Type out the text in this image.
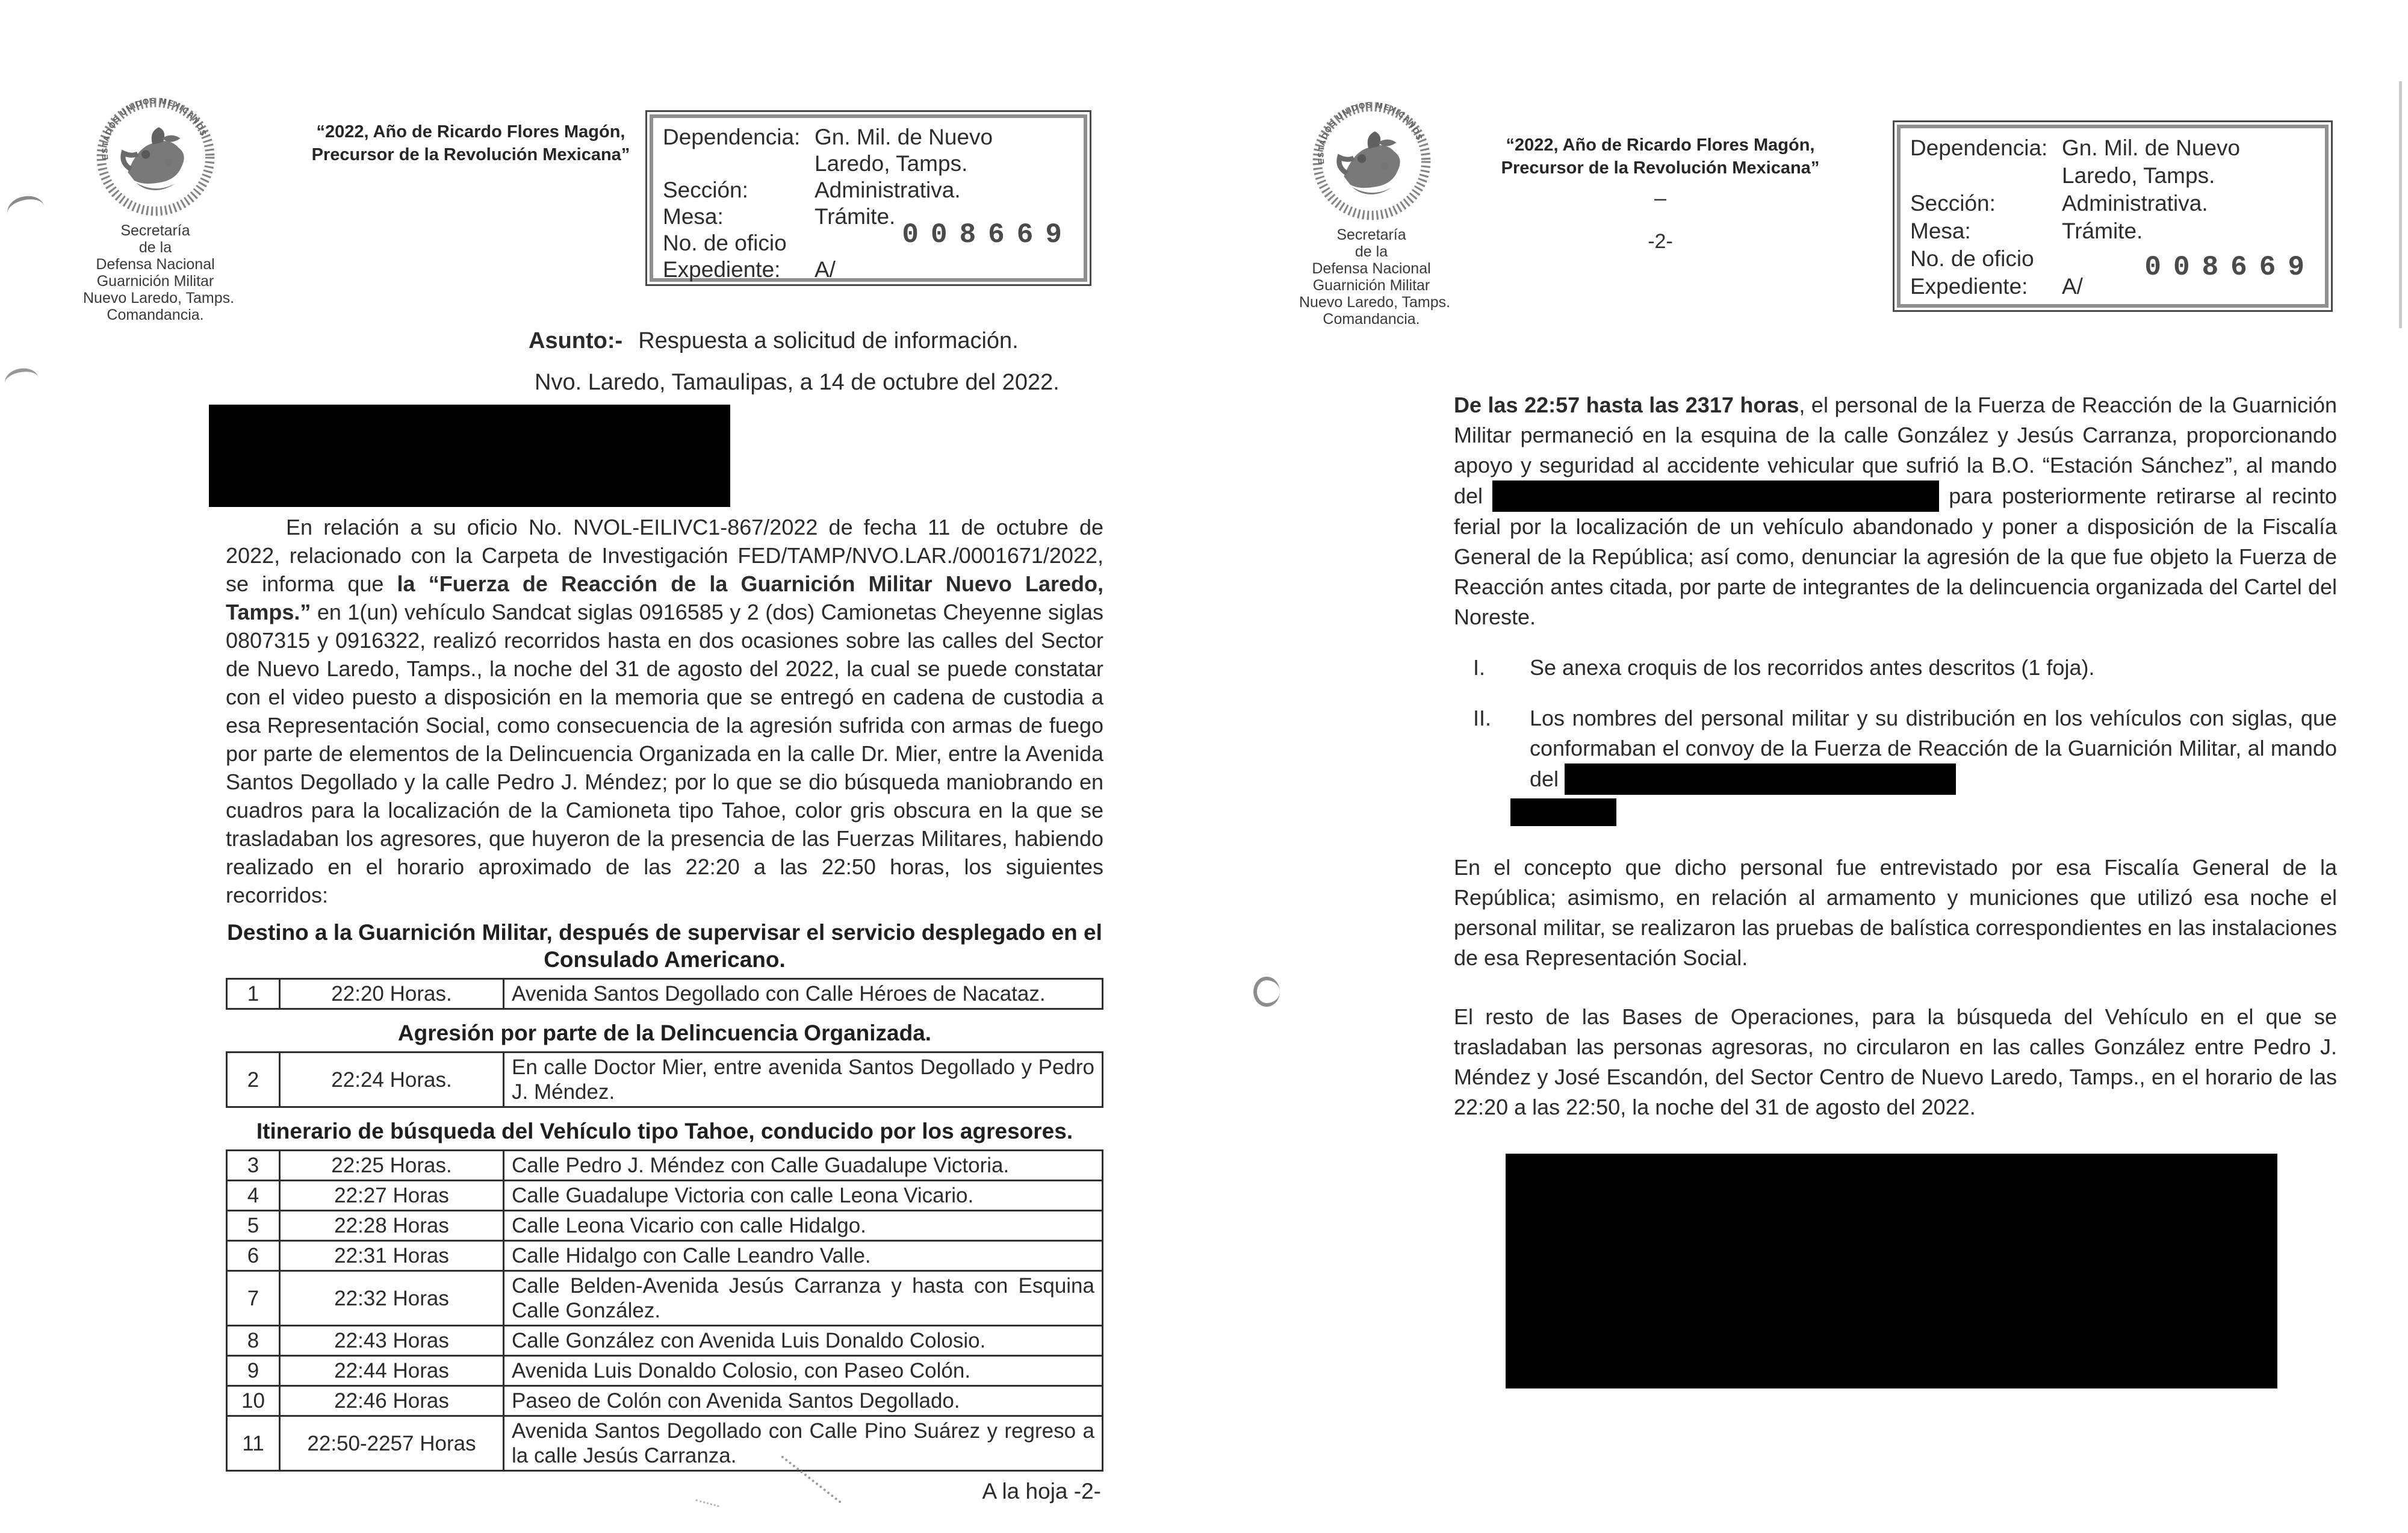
ESTADOS UNIDOS MEXICANOS
Secretaría
de la
Defensa Nacional
Guarnición Militar
Nuevo Laredo, Tamps.
Comandancia.
“2022, Año de Ricardo Flores Magón,
Precursor de la Revolución Mexicana”
Dependencia: Gn. Mil. de Nuevo
Laredo, Tamps.
Sección:	Administrativa.
Mesa:	Trámite.
No. de oficio
Expediente:	A/
008669
Asunto:- Respuesta a solicitud de información.
Nvo. Laredo, Tamaulipas, a 14 de octubre del 2022.

En relación a su oficio No. NVOL-EILIVC1-867/2022 de fecha 11 de octubre de 2022, relacionado con la Carpeta de Investigación FED/TAMP/NVO.LAR./0001671/2022, se informa que la “Fuerza de Reacción de la Guarnición Militar Nuevo Laredo, Tamps.” en 1(un) vehículo Sandcat siglas 0916585 y 2 (dos) Camionetas Cheyenne siglas 0807315 y 0916322, realizó recorridos hasta en dos ocasiones sobre las calles del Sector de Nuevo Laredo, Tamps., la noche del 31 de agosto del 2022, la cual se puede constatar con el video puesto a disposición en la memoria que se entregó en cadena de custodia a esa Representación Social, como consecuencia de la agresión sufrida con armas de fuego por parte de elementos de la Delincuencia Organizada en la calle Dr. Mier, entre la Avenida Santos Degollado y la calle Pedro J. Méndez; por lo que se dio búsqueda maniobrando en cuadros para la localización de la Camioneta tipo Tahoe, color gris obscura en la que se trasladaban los agresores, que huyeron de la presencia de las Fuerzas Militares, habiendo realizado en el horario aproximado de las 22:20 a las 22:50 horas, los siguientes recorridos:

Destino a la Guarnición Militar, después de supervisar el servicio desplegado en el Consulado Americano.
1	22:20 Horas.	Avenida Santos Degollado con Calle Héroes de Nacataz.
Agresión por parte de la Delincuencia Organizada.
2	22:24 Horas.	En calle Doctor Mier, entre avenida Santos Degollado y Pedro J. Méndez.
Itinerario de búsqueda del Vehículo tipo Tahoe, conducido por los agresores.
3	22:25 Horas.	Calle Pedro J. Méndez con Calle Guadalupe Victoria.
4	22:27 Horas	Calle Guadalupe Victoria con calle Leona Vicario.
5	22:28 Horas	Calle Leona Vicario con calle Hidalgo.
6	22:31 Horas	Calle Hidalgo con Calle Leandro Valle.
7	22:32 Horas	Calle Belden-Avenida Jesús Carranza y hasta con Esquina Calle González.
8	22:43 Horas	Calle González con Avenida Luis Donaldo Colosio.
9	22:44 Horas	Avenida Luis Donaldo Colosio, con Paseo Colón.
10	22:46 Horas	Paseo de Colón con Avenida Santos Degollado.
11	22:50-2257 Horas	Avenida Santos Degollado con Calle Pino Suárez y regreso a la calle Jesús Carranza.
A la hoja -2-
ESTADOS UNIDOS MEXICANOS
Secretaría
de la
Defensa Nacional
Guarnición Militar
Nuevo Laredo, Tamps.
Comandancia.
“2022, Año de Ricardo Flores Magón,
Precursor de la Revolución Mexicana”
–
-2-
Dependencia: Gn. Mil. de Nuevo
Laredo, Tamps.
Sección:	Administrativa.
Mesa:	Trámite.
No. de oficio
Expediente:	A/
008669

De las 22:57 hasta las 2317 horas, el personal de la Fuerza de Reacción de la Guarnición Militar permaneció en la esquina de la calle González y Jesús Carranza, proporcionando apoyo y seguridad al accidente vehicular que sufrió la B.O. “Estación Sánchez”, al mando del	para posteriormente retirarse al recinto ferial por la localización de un vehículo abandonado y poner a disposición de la Fiscalía General de la República; así como, denunciar la agresión de la que fue objeto la Fuerza de Reacción antes citada, por parte de integrantes de la delincuencia organizada del Cartel del Noreste.

I. Se anexa croquis de los recorridos antes descritos (1 foja).
II. Los nombres del personal militar y su distribución en los vehículos con siglas, que conformaban el convoy de la Fuerza de Reacción de la Guarnición Militar, al mando del

En el concepto que dicho personal fue entrevistado por esa Fiscalía General de la República; asimismo, en relación al armamento y municiones que utilizó esa noche el personal militar, se realizaron las pruebas de balística correspondientes en las instalaciones de esa Representación Social.

El resto de las Bases de Operaciones, para la búsqueda del Vehículo en el que se trasladaban las personas agresoras, no circularon en las calles González entre Pedro J. Méndez y José Escandón, del Sector Centro de Nuevo Laredo, Tamps., en el horario de las 22:20 a las 22:50, la noche del 31 de agosto del 2022.
